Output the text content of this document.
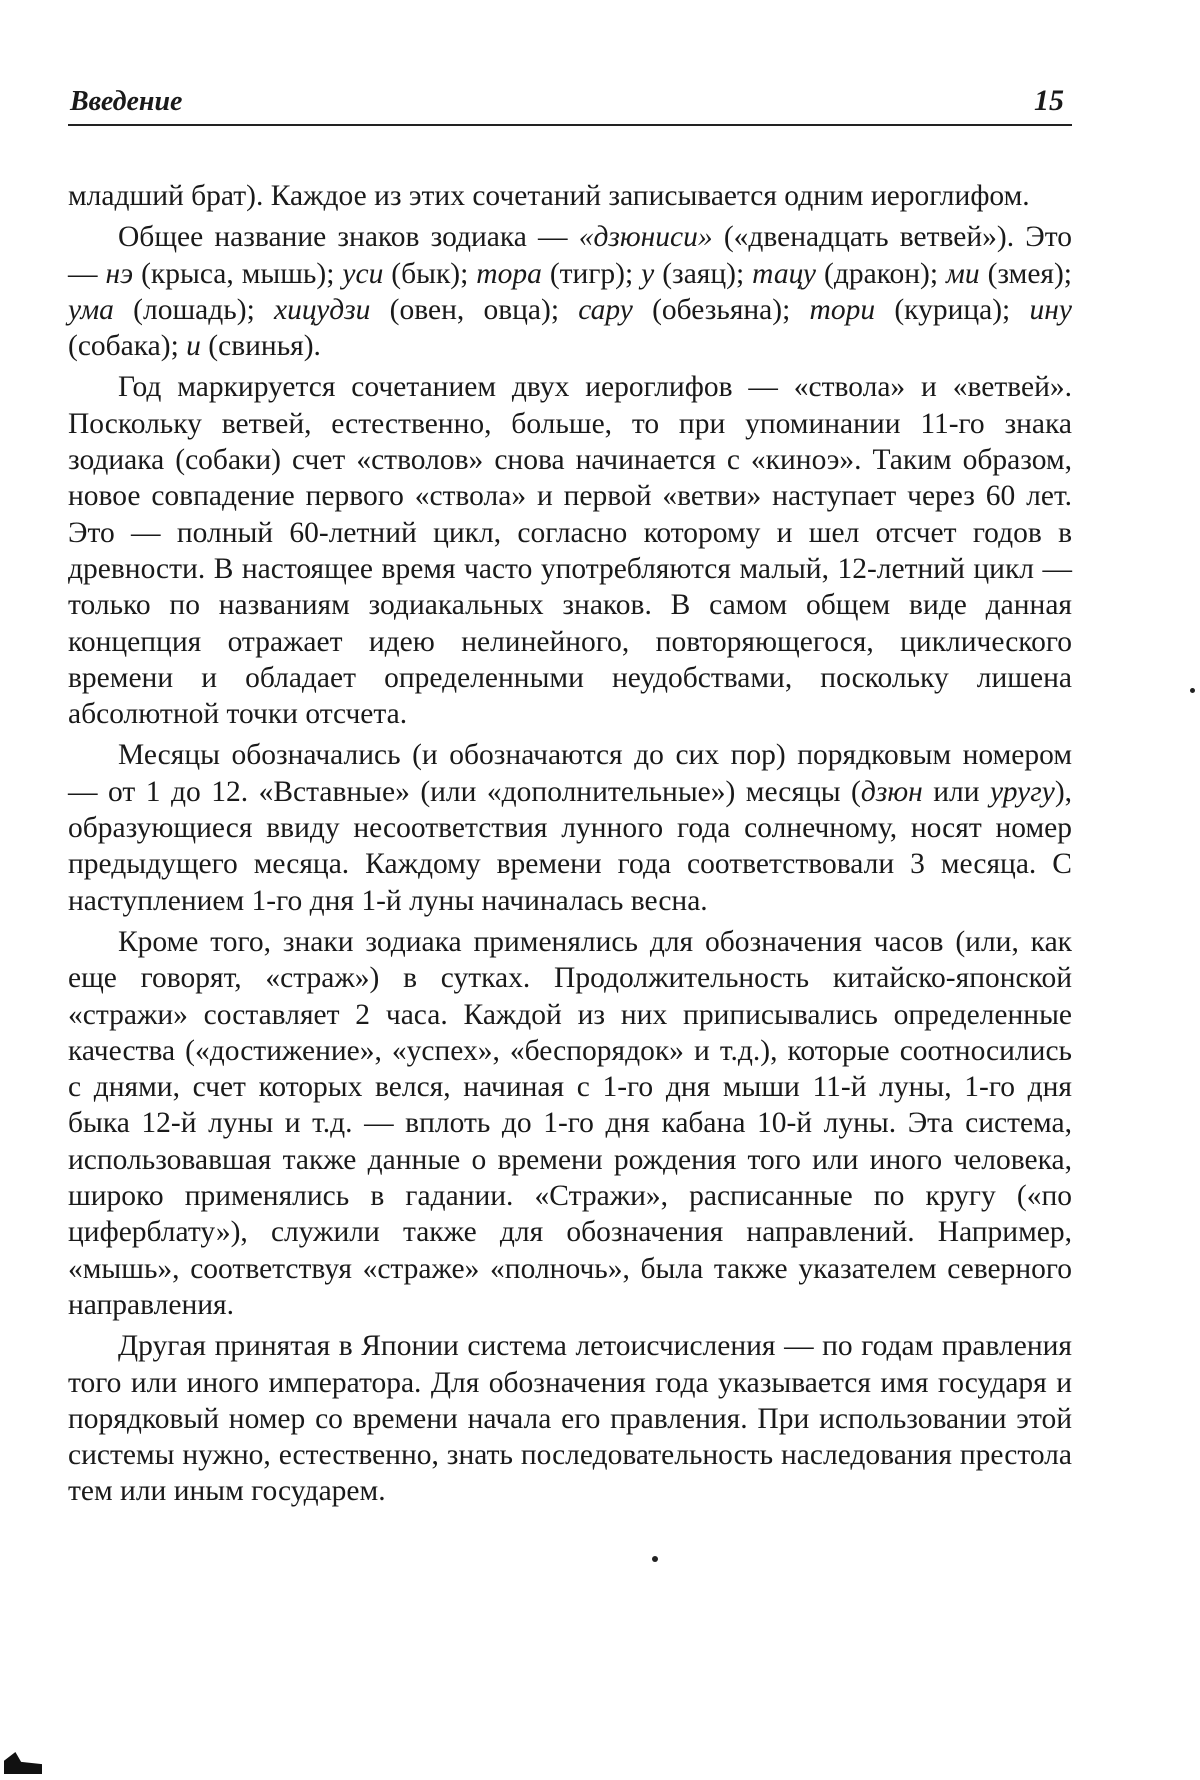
Введение	15

младший брат). Каждое из этих сочетаний записывается одним иероглифом.

Общее название знаков зодиака — «дзюнuси» («двенадцать ветвей»). Это — нэ (крыса, мышь); уси (бык); тора (тигр); у (заяц); тацу (дракон); ми (змея); ума (лошадь); хицудзи (овен, овца); сару (обезьяна); тори (курица); ину (собака); и (свинья).

Год маркируется сочетанием двух иероглифов — «ствола» и «ветвей». Поскольку ветвей, естественно, больше, то при упоминании 11-го знака зодиака (собаки) счет «стволов» снова начинается с «киноэ». Таким образом, новое совпадение первого «ствола» и первой «ветви» наступает через 60 лет. Это — полный 60-летний цикл, согласно которому и шел отсчет годов в древности. В настоящее время часто употребляются малый, 12-летний цикл — только по названиям зодиакальных знаков. В самом общем виде данная концепция отражает идею нелинейного, повторяющегося, циклического времени и обладает определенными неудобствами, поскольку лишена абсолютной точки отсчета.

Месяцы обозначались (и обозначаются до сих пор) порядковым номером — от 1 до 12. «Вставные» (или «дополнительные») месяцы (дзюн или уругу), образующиеся ввиду несоответствия лунного года солнечному, носят номер предыдущего месяца. Каждому времени года соответствовали 3 месяца. С наступлением 1-го дня 1-й луны начиналась весна.

Кроме того, знаки зодиака применялись для обозначения часов (или, как еще говорят, «страж») в сутках. Продолжительность китайско-японской «стражи» составляет 2 часа. Каждой из них приписывались определенные качества («достижение», «успех», «беспорядок» и т.д.), которые соотносились с днями, счет которых велся, начиная с 1-го дня мыши 11-й луны, 1-го дня быка 12-й луны и т.д. — вплоть до 1-го дня кабана 10-й луны. Эта система, использовавшая также данные о времени рождения того или иного человека, широко применялись в гадании. «Стражи», расписанные по кругу («по циферблату»), служили также для обозначения направлений. Например, «мышь», соответствуя «страже» «полночь», была также указателем северного направления.

Другая принятая в Японии система летоисчисления — по годам правления того или иного императора. Для обозначения года указывается имя государя и порядковый номер со времени начала его правления. При использовании этой системы нужно, естественно, знать последовательность наследования престола тем или иным государем.
